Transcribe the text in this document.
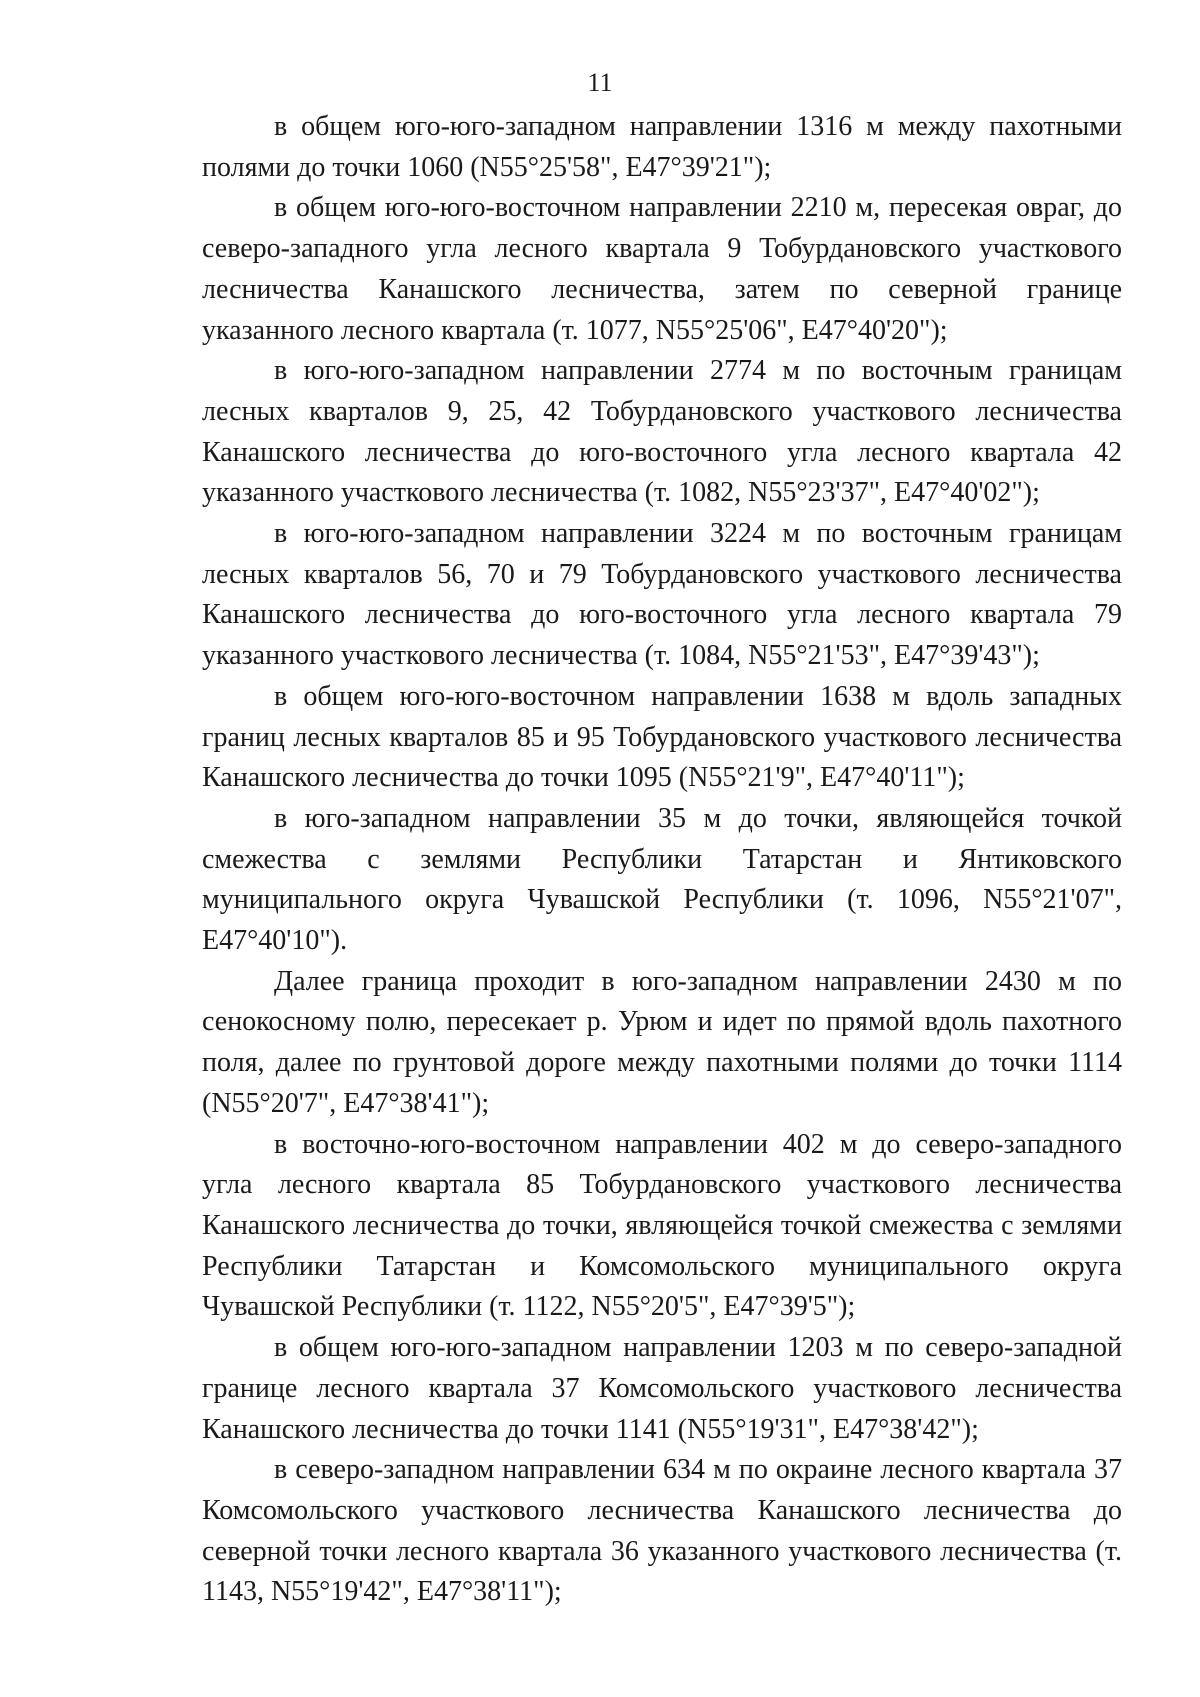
11

в общем юго-юго-западном направлении 1316 м между пахотными полями до точки 1060 (N55°25'58", E47°39'21");

в общем юго-юго-восточном направлении 2210 м, пересекая овраг, до северо-западного угла лесного квартала 9 Тобурдановского участкового лесничества Канашского лесничества, затем по северной границе указанного лесного квартала (т. 1077, N55°25'06", E47°40'20");

в юго-юго-западном направлении 2774 м по восточным границам лесных кварталов 9, 25, 42 Тобурдановского участкового лесничества Канашского лесничества до юго-восточного угла лесного квартала 42 указанного участкового лесничества (т. 1082, N55°23'37", E47°40'02");

в юго-юго-западном направлении 3224 м по восточным границам лесных кварталов 56, 70 и 79 Тобурдановского участкового лесничества Канашского лесничества до юго-восточного угла лесного квартала 79 указанного участкового лесничества (т. 1084, N55°21'53", E47°39'43");

в общем юго-юго-восточном направлении 1638 м вдоль западных границ лесных кварталов 85 и 95 Тобурдановского участкового лесничества Канашского лесничества до точки 1095 (N55°21'9", E47°40'11");

в юго-западном направлении 35 м до точки, являющейся точкой смежества с землями Республики Татарстан и Янтиковского муниципального округа Чувашской Республики (т. 1096, N55°21'07", E47°40'10").

Далее граница проходит в юго-западном направлении 2430 м по сенокосному полю, пересекает р. Урюм и идет по прямой вдоль пахотного поля, далее по грунтовой дороге между пахотными полями до точки 1114 (N55°20'7", E47°38'41");

в восточно-юго-восточном направлении 402 м до северо-западного угла лесного квартала 85 Тобурдановского участкового лесничества Канашского лесничества до точки, являющейся точкой смежества с землями Республики Татарстан и Комсомольского муниципального округа Чувашской Республики (т. 1122, N55°20'5", E47°39'5");

в общем юго-юго-западном направлении 1203 м по северо-западной границе лесного квартала 37 Комсомольского участкового лесничества Канашского лесничества до точки 1141 (N55°19'31", E47°38'42");

в северо-западном направлении 634 м по окраине лесного квартала 37 Комсомольского участкового лесничества Канашского лесничества до северной точки лесного квартала 36 указанного участкового лесничества (т. 1143, N55°19'42", E47°38'11");
